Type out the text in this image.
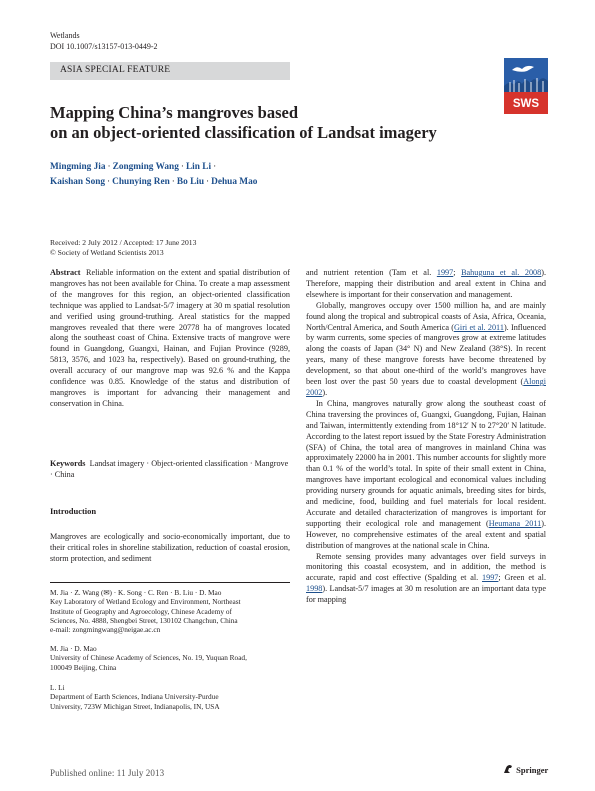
Wetlands
DOI 10.1007/s13157-013-0449-2
ASIA SPECIAL FEATURE
SWS
Mapping China’s mangroves based
on an object-oriented classification of Landsat imagery
Mingming Jia · Zongming Wang · Lin Li ·
Kaishan Song · Chunying Ren · Bo Liu · Dehua Mao
Received: 2 July 2012 / Accepted: 17 June 2013
© Society of Wetland Scientists 2013

Abstract Reliable information on the extent and spatial distribution of mangroves has not been available for China. To create a map assessment of the mangroves for this region, an object-oriented classification technique was applied to Landsat-5/7 imagery at 30 m spatial resolution and verified using ground-truthing. Areal statistics for the mapped mangroves revealed that there were 20778 ha of mangroves located along the southeast coast of China. Extensive tracts of mangrove were found in Guangdong, Guangxi, Hainan, and Fujian Province (9289, 5813, 3576, and 1023 ha, respectively). Based on ground-truthing, the overall accuracy of our mangrove map was 92.6 % and the Kappa confidence was 0.85. Knowledge of the status and distribution of mangroves is important for advancing their management and conservation in China.

Keywords Landsat imagery · Object-oriented classification · Mangrove · China

Introduction

Mangroves are ecologically and socio-economically important, due to their critical roles in shoreline stabilization, reduction of coastal erosion, storm protection, and sediment

M. Jia · Z. Wang (✉) · K. Song · C. Ren · B. Liu · D. Mao
Key Laboratory of Wetland Ecology and Environment, Northeast
Institute of Geography and Agroecology, Chinese Academy of
Sciences, No. 4888, Shengbei Street, 130102 Changchun, China
e-mail: zongmingwang@neigae.ac.cn
M. Jia · D. Mao
University of Chinese Academy of Sciences, No. 19, Yuquan Road,
100049 Beijing, China
L. Li
Department of Earth Sciences, Indiana University-Purdue
University, 723W Michigan Street, Indianapolis, IN, USA

and nutrient retention (Tam et al. 1997; Bahuguna et al. 2008). Therefore, mapping their distribution and areal extent in China and elsewhere is important for their conservation and management.

Globally, mangroves occupy over 1500 million ha, and are mainly found along the tropical and subtropical coasts of Asia, Africa, Oceania, North/Central America, and South America (Giri et al. 2011). Influenced by warm currents, some species of mangroves grow at extreme latitudes along the coasts of Japan (34° N) and New Zealand (38°S). In recent years, many of these mangrove forests have become threatened by development, so that about one-third of the world’s mangroves have been lost over the past 50 years due to coastal development (Alongi 2002).

In China, mangroves naturally grow along the southeast coast of China traversing the provinces of, Guangxi, Guangdong, Fujian, Hainan and Taiwan, intermittently extending from 18°12′ N to 27°20′ N latitude. According to the latest report issued by the State Forestry Administration (SFA) of China, the total area of mangroves in mainland China was approximately 22000 ha in 2001. This number accounts for slightly more than 0.1 % of the world’s total. In spite of their small extent in China, mangroves have important ecological and economical values including providing nursery grounds for aquatic animals, breeding sites for birds, and medicine, food, building and fuel materials for local resident. Accurate and detailed characterization of mangroves is important for supporting their ecological role and management (Heumana 2011). However, no comprehensive estimates of the areal extent and spatial distribution of mangroves at the national scale in China.

Remote sensing provides many advantages over field surveys in monitoring this coastal ecosystem, and in addition, the method is accurate, rapid and cost effective (Spalding et al. 1997; Green et al. 1998). Landsat-5/7 images at 30 m resolution are an important data type for mapping

Published online: 11 July 2013	Springer
